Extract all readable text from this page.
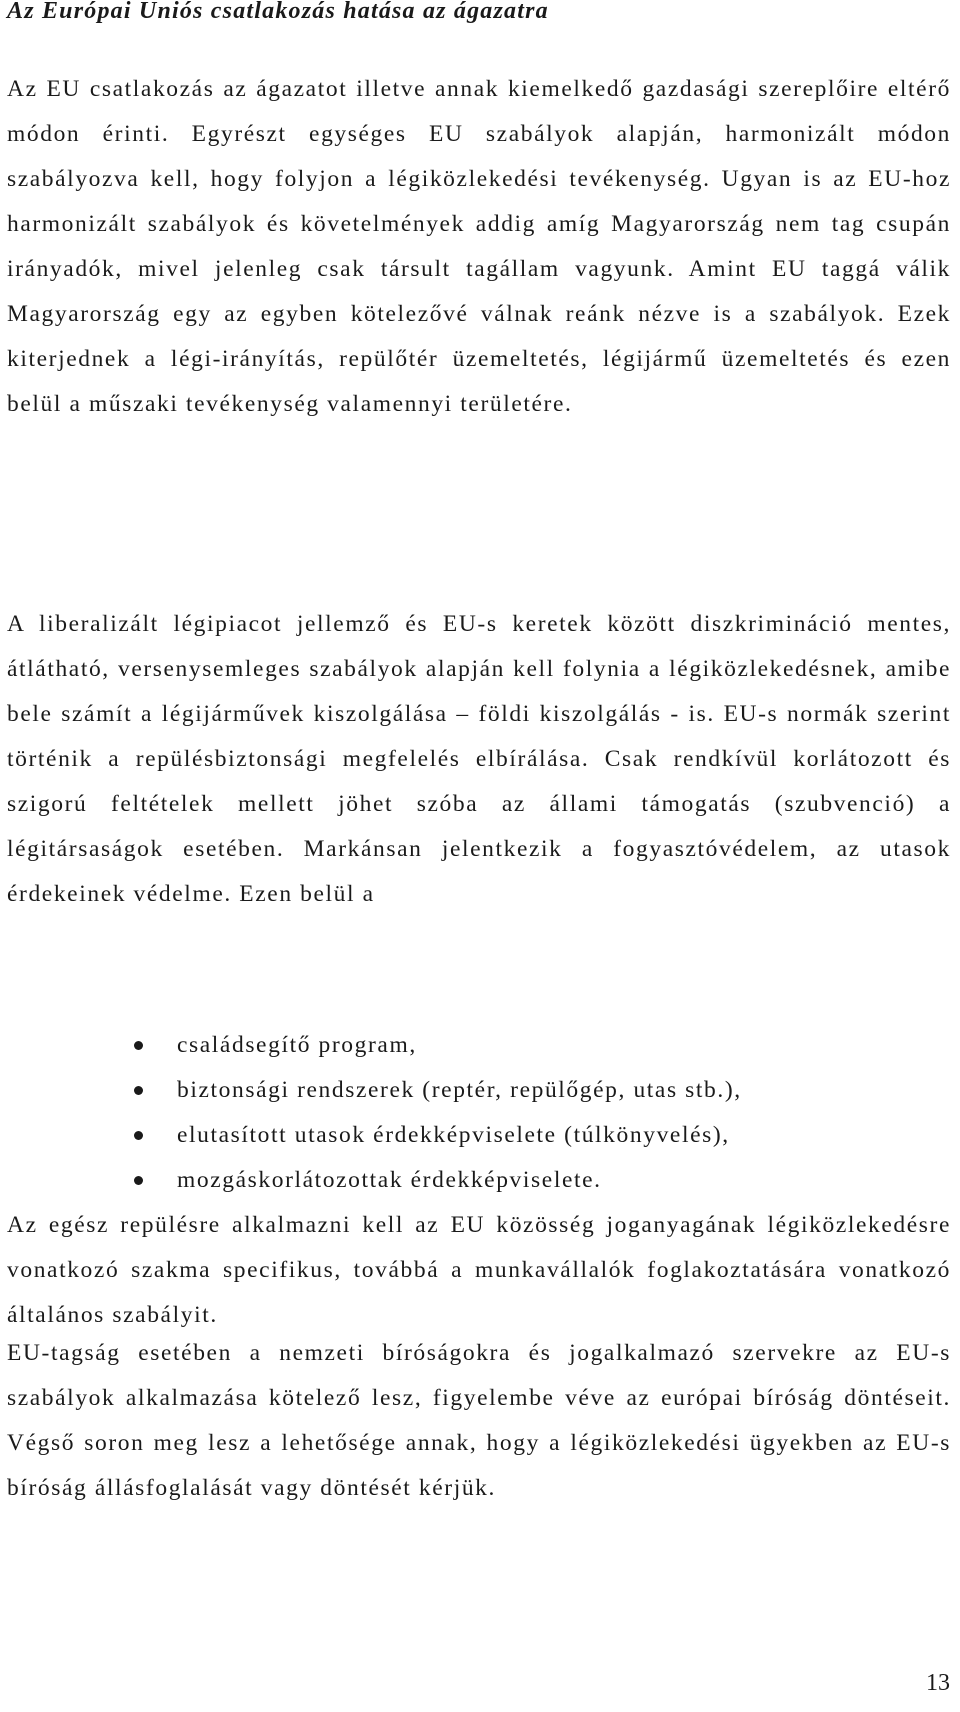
Az Európai Uniós csatlakozás hatása az ágazatra

Az EU csatlakozás az ágazatot illetve annak kiemelkedő gazdasági szereplőire eltérő módon érinti. Egyrészt egységes EU szabályok alapján, harmonizált módon szabályozva kell, hogy folyjon a légiközlekedési tevékenység. Ugyan is az EU-hoz harmonizált szabályok és követelmények addig amíg Magyarország nem tag csupán irányadók, mivel jelenleg csak társult tagállam vagyunk. Amint EU taggá válik Magyarország egy az egyben kötelezővé válnak reánk nézve is a szabályok. Ezek kiterjednek a légi-irányítás, repülőtér üzemeltetés, légijármű üzemeltetés és ezen belül a műszaki tevékenység valamennyi területére.

A liberalizált légipiacot jellemző és EU-s keretek között diszkrimináció mentes, átlátható, versenysemleges szabályok alapján kell folynia a légiközlekedésnek, amibe bele számít a légijárművek kiszolgálása – földi kiszolgálás - is. EU-s normák szerint történik a repülésbiztonsági megfelelés elbírálása. Csak rendkívül korlátozott és szigorú feltételek mellett jöhet szóba az állami támogatás (szubvenció) a légitársaságok esetében. Markánsan jelentkezik a fogyasztóvédelem, az utasok érdekeinek védelme. Ezen belül a

családsegítő program,
biztonsági rendszerek (reptér, repülőgép, utas stb.),
elutasított utasok érdekképviselete (túlkönyvelés),
mozgáskorlátozottak érdekképviselete.

Az egész repülésre alkalmazni kell az EU közösség joganyagának légiközlekedésre vonatkozó szakma specifikus, továbbá a munkavállalók foglakoztatására vonatkozó általános szabályit.

EU-tagság esetében a nemzeti bíróságokra és jogalkalmazó szervekre az EU-s szabályok alkalmazása kötelező lesz, figyelembe véve az európai bíróság döntéseit. Végső soron meg lesz a lehetősége annak, hogy a légiközlekedési ügyekben az EU-s bíróság állásfoglalását vagy döntését kérjük.

13
